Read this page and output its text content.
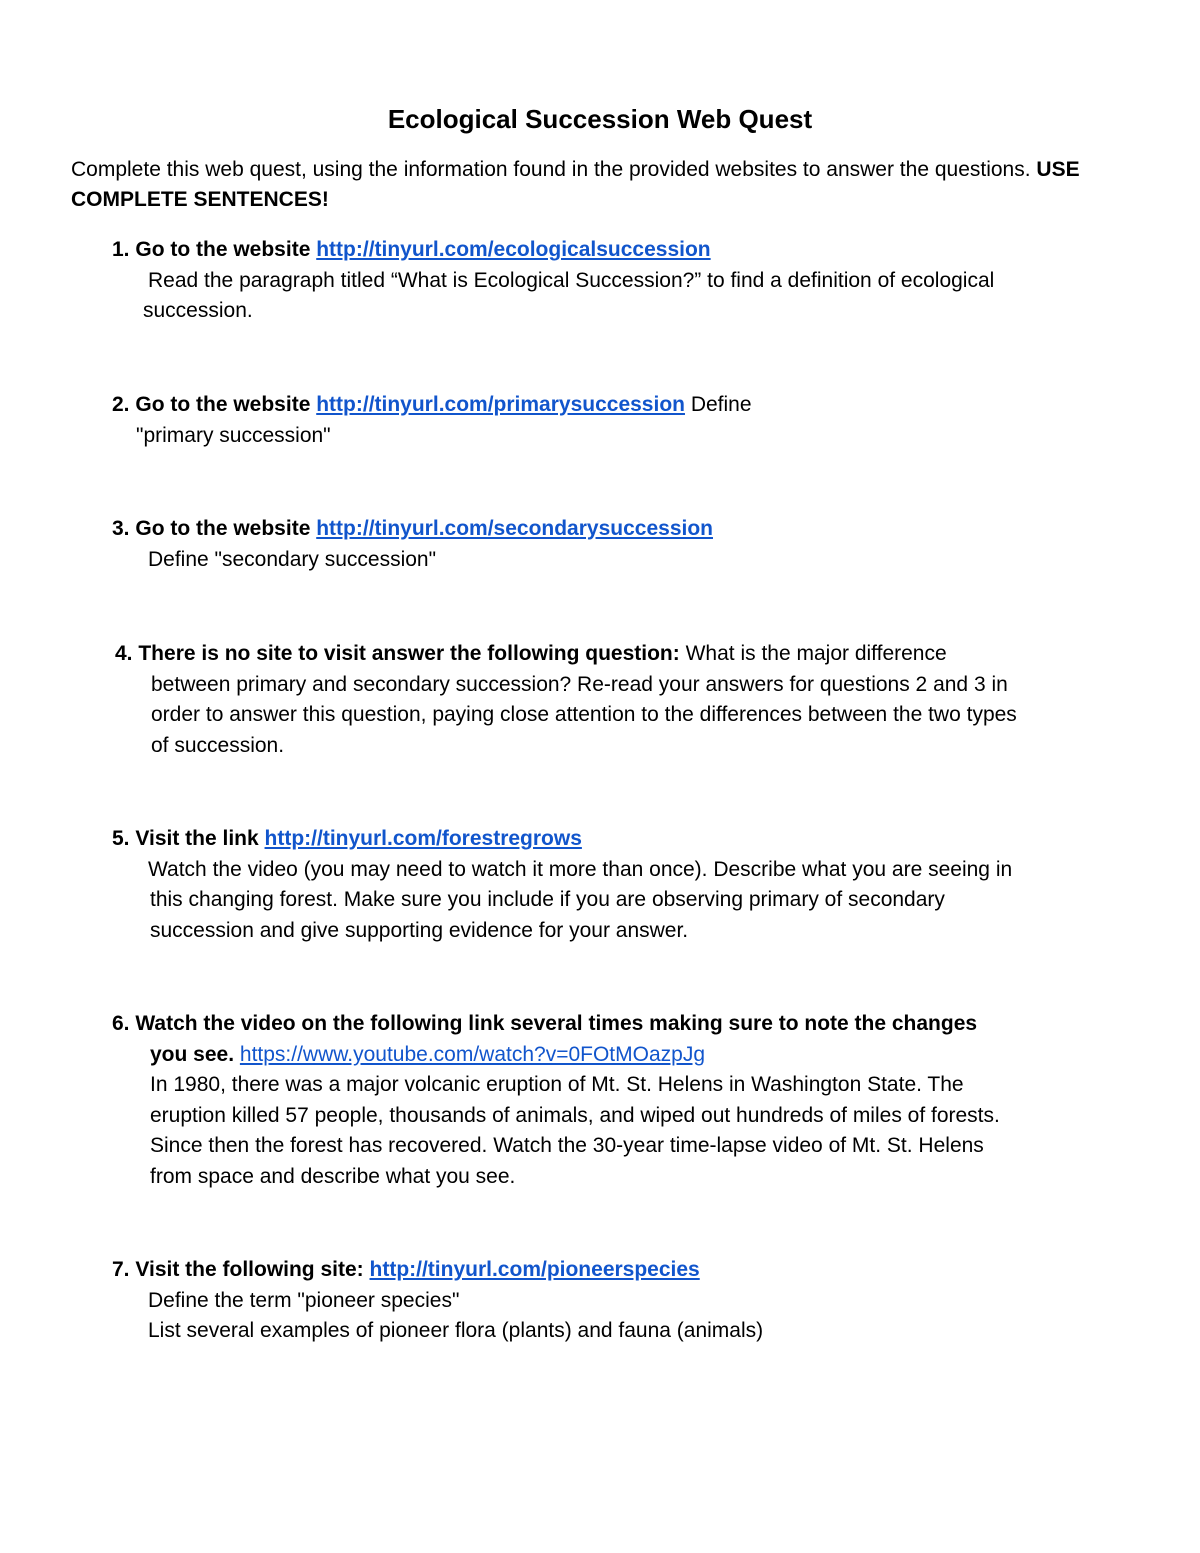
Ecological Succession Web Quest
Complete this web quest, using the information found in the provided websites to answer the questions. USE COMPLETE SENTENCES!
1. Go to the website http://tinyurl.com/ecologicalsuccession
Read the paragraph titled “What is Ecological Succession?” to find a definition of ecological
succession.
2. Go to the website http://tinyurl.com/primarysuccession Define
"primary succession"
3. Go to the website http://tinyurl.com/secondarysuccession
Define "secondary succession"
4. There is no site to visit answer the following question: What is the major difference
between primary and secondary succession? Re-read your answers for questions 2 and 3 in
order to answer this question, paying close attention to the differences between the two types
of succession.
5. Visit the link http://tinyurl.com/forestregrows
Watch the video (you may need to watch it more than once). Describe what you are seeing in
this changing forest. Make sure you include if you are observing primary of secondary
succession and give supporting evidence for your answer.
6. Watch the video on the following link several times making sure to note the changes
you see. https://www.youtube.com/watch?v=0FOtMOazpJg
In 1980, there was a major volcanic eruption of Mt. St. Helens in Washington State. The
eruption killed 57 people, thousands of animals, and wiped out hundreds of miles of forests.
Since then the forest has recovered. Watch the 30-year time-lapse video of Mt. St. Helens
from space and describe what you see.
7. Visit the following site: http://tinyurl.com/pioneerspecies
Define the term "pioneer species"
List several examples of pioneer flora (plants) and fauna (animals)
